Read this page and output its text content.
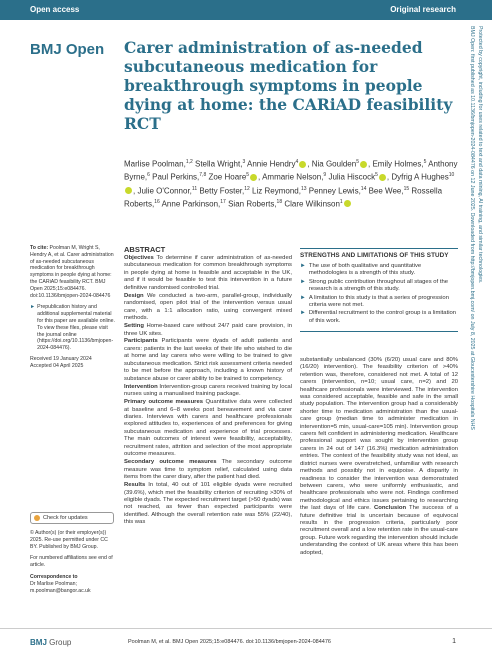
Open access	Original research
BMJ Open Carer administration of as-needed subcutaneous medication for breakthrough symptoms in people dying at home: the CARiAD feasibility RCT
Marlise Poolman,$^{1,2}$ Stella Wright,$^3$ Annie Hendry$^4$ , Nia Goulden$^5$ , Emily Holmes,$^5$ Anthony Byrne,$^6$ Paul Perkins,$^{7,8}$ Zoe Hoare$^5$ , Ammarie Nelson,$^9$ Julia Hiscock$^5$ , Dyfrig A Hughes$^{10}$, Julie O'Connor,$^{11}$ Betty Foster,$^{12}$ Liz Reymond,$^{13}$ Penney Lewis,$^{14}$ Bee Wee,$^{15}$ Rossella Roberts,$^{16}$ Anne Parkinson,$^{17}$ Sian Roberts,$^{18}$ Clare Wilkinson$^1$

To cite: Poolman M, Wright S, Hendry A, et al. Carer administration of as-needed subcutaneous medication for breakthrough symptoms in people dying at home: the CARiAD feasibility RCT. BMJ Open 2025;15:e084476. doi:10.1136/bmjopen-2024-084476

► Prepublication history and additional supplemental material for this paper are available online. To view these files, please visit the journal online (https://doi.org/10.1136/bmjopen-2024-084476).
Received 19 January 2024
Accepted 04 April 2025
Check for updates

© Author(s) (or their employer(s)) 2025. Re-use permitted under CC BY. Published by BMJ Group.

For numbered affiliations see end of article.

Correspondence to
Dr Marlise Poolman;
m.poolman@bangor.ac.uk

ABSTRACT

Objectives To determine if carer administration of as-needed subcutaneous medication for common breakthrough symptoms in people dying at home is feasible and acceptable in the UK, and if it would be feasible to test this intervention in a future definitive randomised controlled trial.

Design We conducted a two-arm, parallel-group, individually randomised, open pilot trial of the intervention versus usual care, with a 1:1 allocation ratio, using convergent mixed methods.

Setting Home-based care without 24/7 paid care provision, in three UK sites.

Participants Participants were dyads of adult patients and carers: patients in the last weeks of their life who wished to die at home and lay carers who were willing to be trained to give subcutaneous medication. Strict risk assessment criteria needed to be met before the approach, including a known history of substance abuse or carer ability to be trained to competency.

Intervention Intervention-group carers received training by local nurses using a manualised training package.

Primary outcome measures Quantitative data were collected at baseline and 6–8 weeks post bereavement and via carer diaries. Interviews with carers and healthcare professionals explored attitudes to, experiences of and preferences for giving subcutaneous medication and experience of trial processes. The main outcomes of interest were feasibility, acceptability, recruitment rates, attrition and selection of the most appropriate outcome measures.

Secondary outcome measures The secondary outcome measure was time to symptom relief, calculated using data items from the carer diary, after the patient had died.

Results In total, 40 out of 101 eligible dyads were recruited (39.6%), which met the feasibility criterion of recruiting >30% of eligible dyads. The expected recruitment target (>50 dyads) was not reached, as fewer than expected participants were identified. Although the overall retention rate was 55% (22/40), this was

STRENGTHS AND LIMITATIONS OF THIS STUDY
► The use of both qualitative and quantitative methodologies is a strength of this study.
► Strong public contribution throughout all stages of the research is a strength of this study.
► A limitation to this study is that a series of progression criteria were not met.
► Differential recruitment to the control group is a limitation of this work.
substantially unbalanced (30% (6/20) usual care and 80% (16/20) intervention). The feasibility criterion of >40% retention was, therefore, considered not met. A total of 12 carers (intervention, n=10; usual care, n=2) and 20 healthcare professionals were interviewed. The intervention was considered acceptable, feasible and safe in the small study population. The intervention group had a considerably shorter time to medication administration than the usual-care group (median time to administer medication in intervention=5 min, usual-care=105 min). Intervention group carers felt confident in administering medication. Healthcare professional support was sought by intervention group carers in 24 out of 147 (16.3%) medication administration entries. The context of the feasibility study was not ideal, as district nurses were overstretched, unfamiliar with research methods and possibly not in equipoise. A disparity in readiness to consider the intervention was demonstrated between carers, who were uniformly enthusiastic, and healthcare professionals who were not. Findings confirmed methodological and ethics issues pertaining to researching the last days of life care. Conclusion The success of a future definitive trial is uncertain because of equivocal results in the progression criteria, particularly poor recruitment overall and a low retention rate in the usual-care group. Future work regarding the intervention should include understanding the context of UK areas where this has been adopted,
BMJ Open: first published as 10.1136/bmjopen-2024-084476 on 12 June 2025. Downloaded from http://bmjopen.bmj.com/ on July 8, 2025 at Gloucestershire Hospitals NHS Protected by copyright, including for uses related to text and data mining, AI training, and similar technologies.
BMJ Group	Poolman M, et al. BMJ Open 2025;15:e084476. doi:10.1136/bmjopen-2024-084476	1
